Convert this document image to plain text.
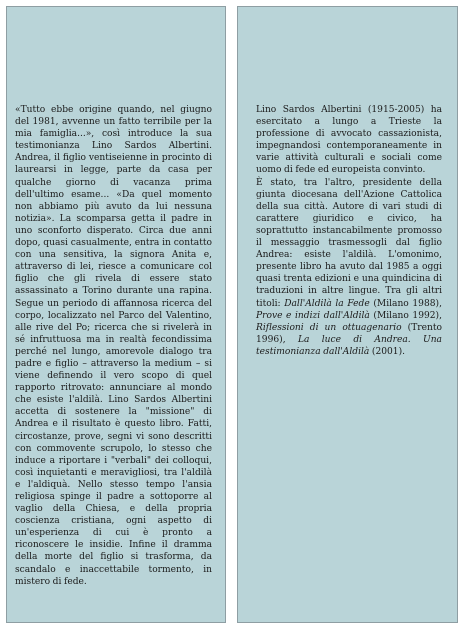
«Tutto ebbe origine quando, nel giugno del 1981, avvenne un fatto terribile per la mia famiglia...», così introduce la sua testimonianza Lino Sardos Albertini. Andrea, il figlio ventiseienne in procinto di laurearsi in legge, parte da casa per qualche giorno di vacanza prima dell'ultimo esame... «Da quel momento non abbiamo più avuto da lui nessuna notizia». La scomparsa getta il padre in uno sconforto disperato. Circa due anni dopo, quasi casualmente, entra in contatto con una sensitiva, la signora Anita e, attraverso di lei, riesce a comunicare col figlio che gli rivela di essere stato assassinato a Torino durante una rapina. Segue un periodo di affannosa ricerca del corpo, localizzato nel Parco del Valentino, alle rive del Po; ricerca che si rivelerà in sé infruttuosa ma in realtà fecondissima perché nel lungo, amorevole dialogo tra padre e figlio – attraverso la medium – si viene definendo il vero scopo di quel rapporto ritrovato: annunciare al mondo che esiste l'aldilà. Lino Sardos Albertini accetta di sostenere la "missione" di Andrea e il risultato è questo libro. Fatti, circostanze, prove, segni vi sono descritti con commovente scrupolo, lo stesso che induce a riportare i "verbali" dei colloqui, così inquietanti e meravigliosi, tra l'aldilà e l'aldiquà. Nello stesso tempo l'ansia religiosa spinge il padre a sottoporre al vaglio della Chiesa, e della propria coscienza cristiana, ogni aspetto di un'esperienza di cui è pronto a riconoscere le insidie. Infine il dramma della morte del figlio si trasforma, da scandalo e inaccettabile tormento, in mistero di fede.

Lino Sardos Albertini (1915-2005) ha esercitato a lungo a Trieste la professione di avvocato cassazionista, impegnandosi contemporaneamente in varie attività culturali e sociali come uomo di fede ed europeista convinto.

È stato, tra l'altro, presidente della giunta diocesana dell'Azione Cattolica della sua città. Autore di vari studi di carattere giuridico e civico, ha soprattutto instancabilmente promosso il messaggio trasmessogli dal figlio Andrea: esiste l'aldilà. L'omonimo, presente libro ha avuto dal 1985 a oggi quasi trenta edizioni e una quindicina di traduzioni in altre lingue. Tra gli altri titoli: Dall'Aldilà la Fede (Milano 1988), Prove e indizi dall'Aldilà (Milano 1992), Riflessioni di un ottuagenario (Trento 1996), La luce di Andrea. Una testimonianza dall'Aldilà (2001).
